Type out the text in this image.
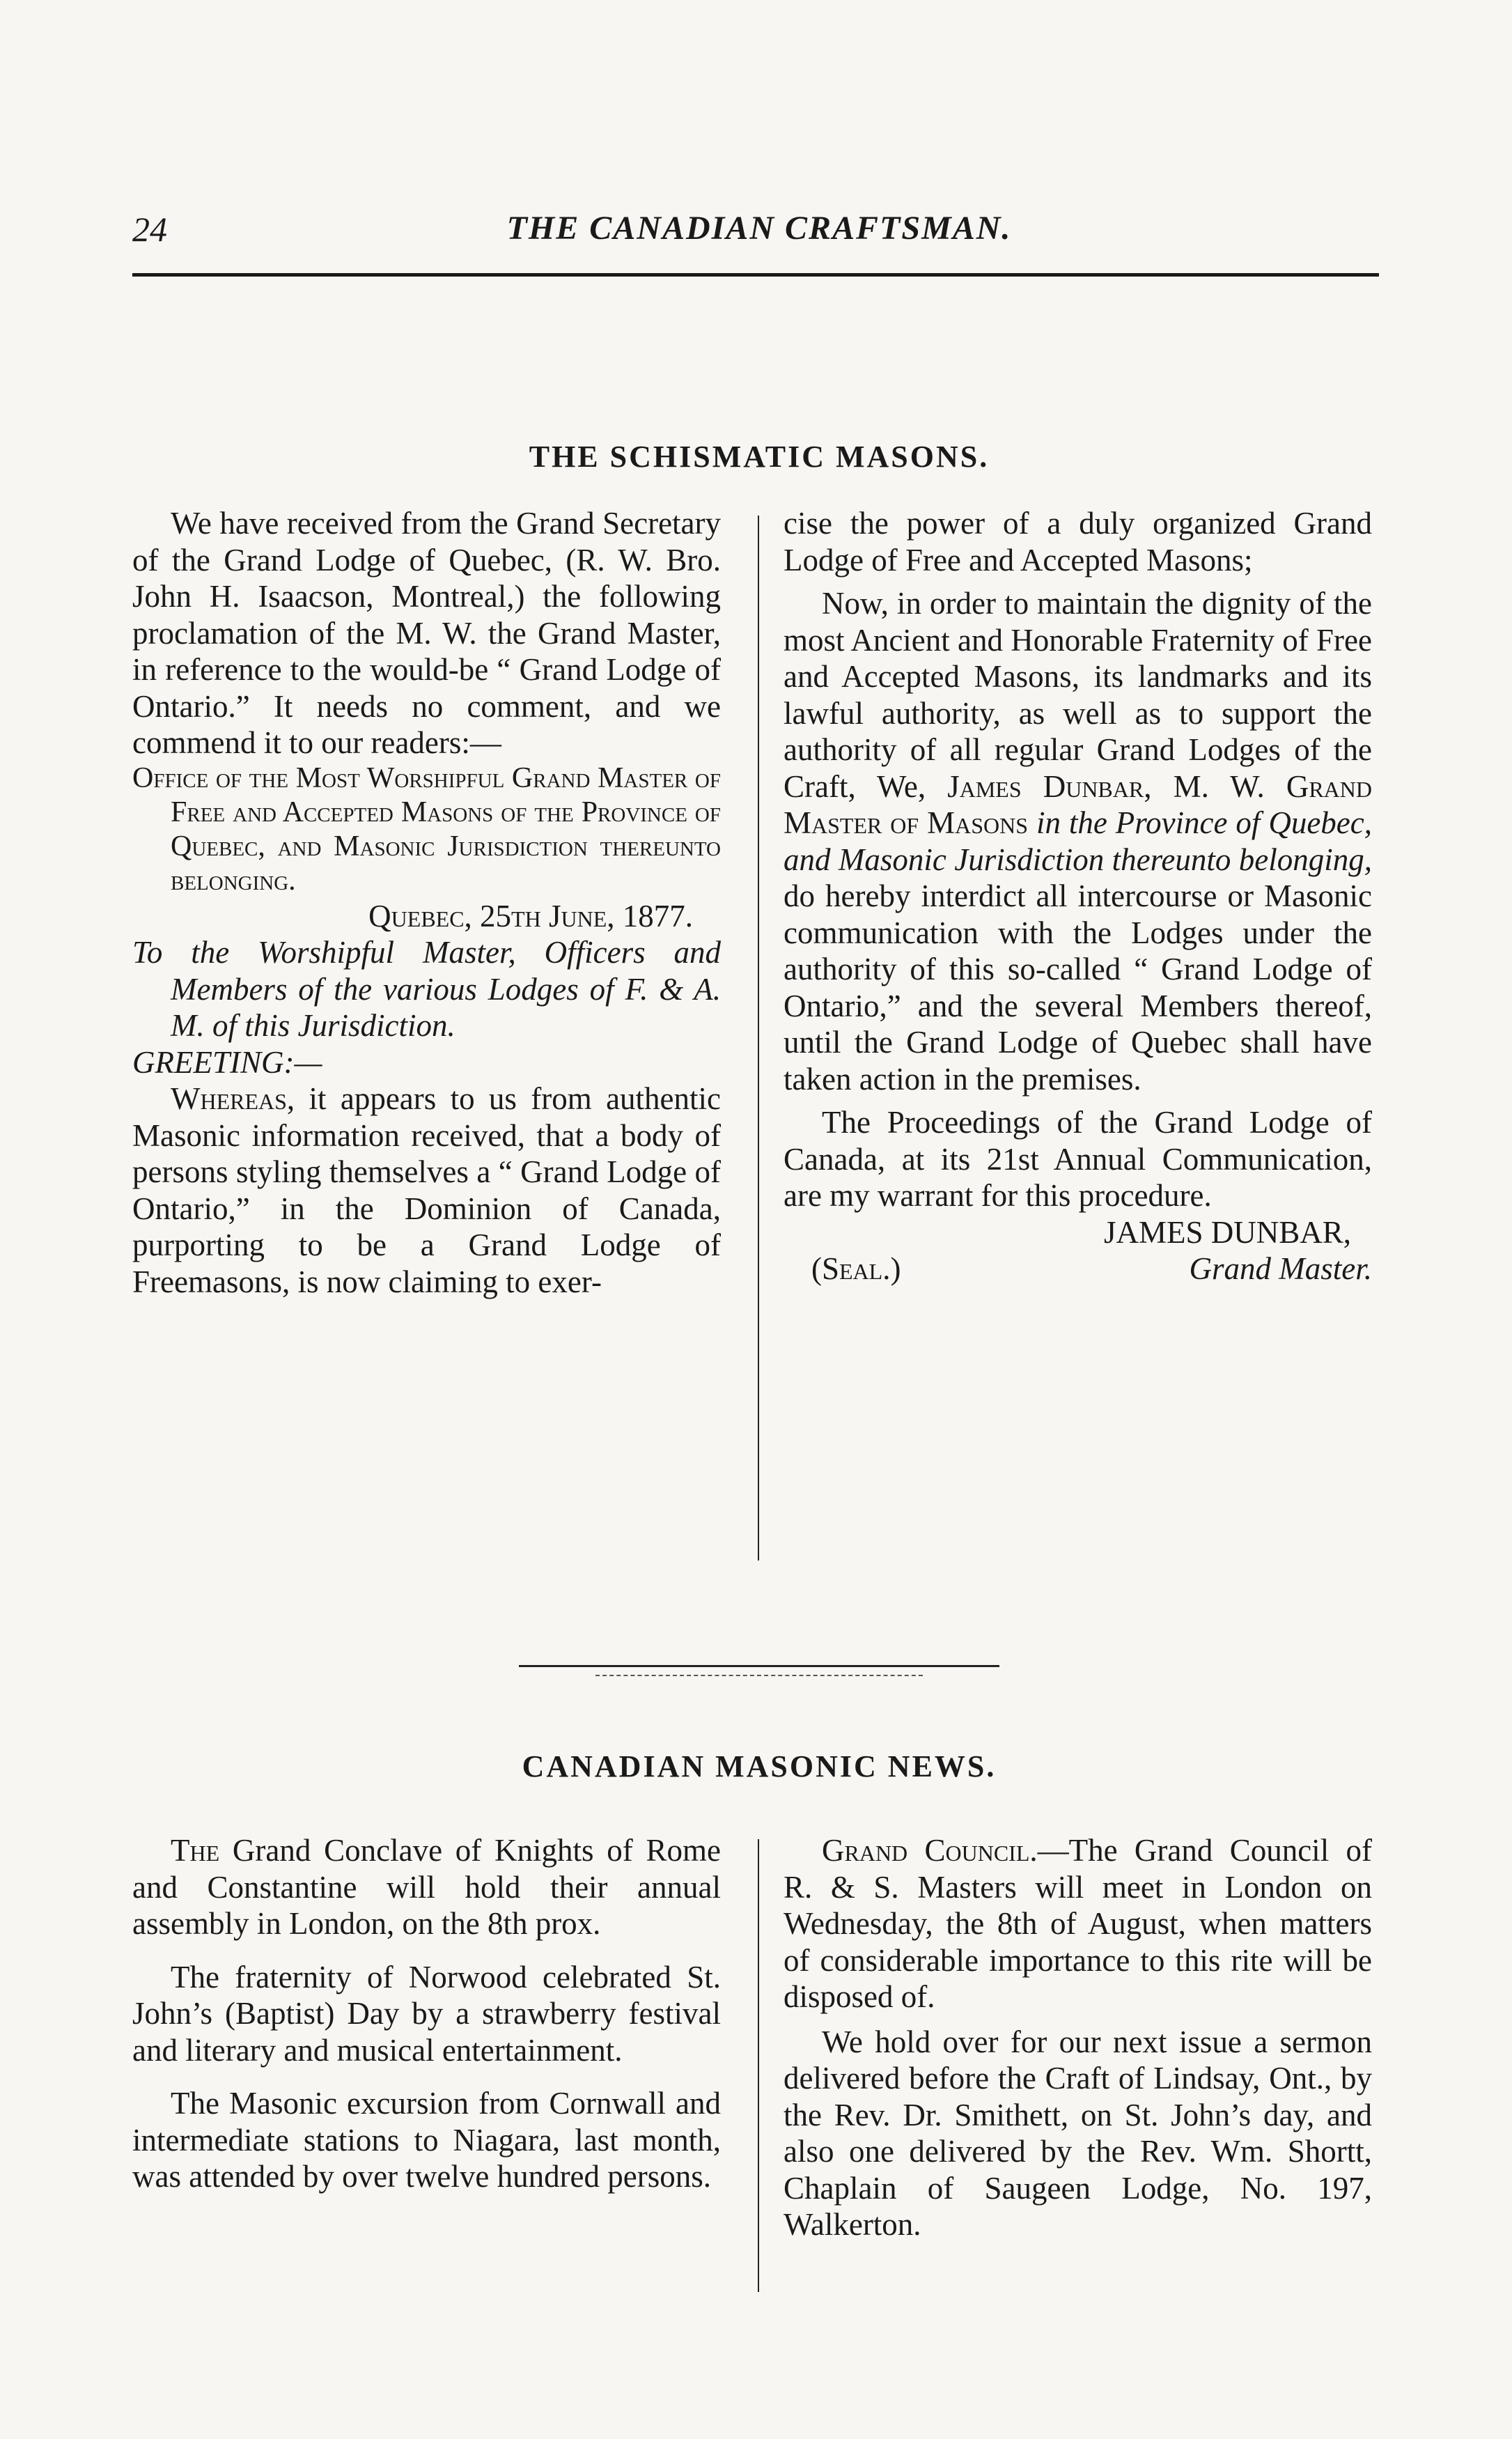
24	THE CANADIAN CRAFTSMAN.
THE SCHISMATIC MASONS.

We have received from the Grand Secretary of the Grand Lodge of Quebec, (R. W. Bro. John H. Isaacson, Montreal,) the following proclamation of the M. W. the Grand Master, in reference to the would-be “ Grand Lodge of Ontario.” It needs no comment, and we commend it to our readers:—

Office of the Most Worshipful Grand Master of Free and Accepted Masons of the Province of Quebec, and Masonic Jurisdiction thereunto belonging.

Quebec, 25th June, 1877.

To the Worshipful Master, Officers and Members of the various Lodges of F. & A. M. of this Jurisdiction.

GREETING:—

Whereas, it appears to us from authentic Masonic information received, that a body of persons styling themselves a “ Grand Lodge of Ontario,” in the Dominion of Canada, purporting to be a Grand Lodge of Freemasons, is now claiming to exer-

cise the power of a duly organized Grand Lodge of Free and Accepted Masons;

Now, in order to maintain the dignity of the most Ancient and Honorable Fraternity of Free and Accepted Masons, its landmarks and its lawful authority, as well as to support the authority of all regular Grand Lodges of the Craft, We, James Dunbar, M. W. Grand Master of Masons in the Province of Quebec, and Masonic Jurisdiction thereunto belonging, do hereby interdict all intercourse or Masonic communication with the Lodges under the authority of this so-called “ Grand Lodge of Ontario,” and the several Members thereof, until the Grand Lodge of Quebec shall have taken action in the premises.

The Proceedings of the Grand Lodge of Canada, at its 21st Annual Communication, are my warrant for this procedure.

JAMES DUNBAR,

(Seal.)	Grand Master.
CANADIAN MASONIC NEWS.

The Grand Conclave of Knights of Rome and Constantine will hold their annual assembly in London, on the 8th prox.

The fraternity of Norwood celebrated St. John’s (Baptist) Day by a strawberry festival and literary and musical entertainment.

The Masonic excursion from Cornwall and intermediate stations to Niagara, last month, was attended by over twelve hundred persons.

Grand Council.—The Grand Council of R. & S. Masters will meet in London on Wednesday, the 8th of August, when matters of considerable importance to this rite will be disposed of.

We hold over for our next issue a sermon delivered before the Craft of Lindsay, Ont., by the Rev. Dr. Smithett, on St. John’s day, and also one delivered by the Rev. Wm. Shortt, Chaplain of Saugeen Lodge, No. 197, Walkerton.
